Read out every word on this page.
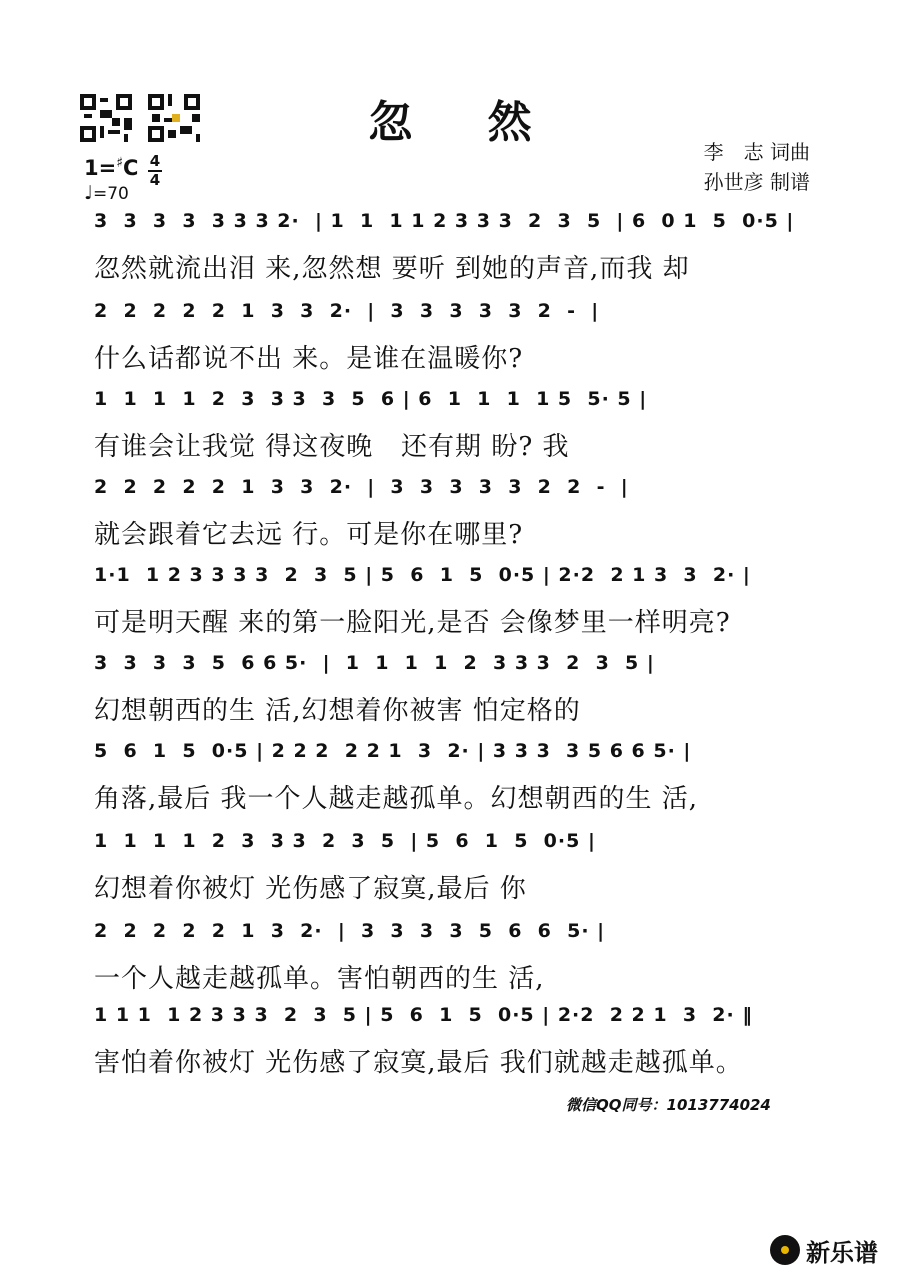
忽 然
李　志 词曲
孙世彦 制谱
1=♯C 4
4
♩=70
3  3  3  3  3 3 3 2·  | 1  1  1 1 2 3 3 3  2  3  5  | 6  0 1  5  0·5 |
忽然就流出泪 来,忽然想 要听 到她的声音,而我 却
2  2  2  2  2  1  3  3  2·  |  3  3  3  3  3  2  -  |
什么话都说不出 来。是谁在温暖你?
1  1  1  1  2  3  3 3  3  5  6 | 6  1  1  1  1 5  5· 5 |
有谁会让我觉 得这夜晚   还有期 盼? 我
2  2  2  2  2  1  3  3  2·  |  3  3  3  3  3  2  2  -  |
就会跟着它去远 行。可是你在哪里?
1·1  1 2 3 3 3 3  2  3  5 | 5  6  1  5  0·5 | 2·2  2 1 3  3  2· |
可是明天醒 来的第一脸阳光,是否 会像梦里一样明亮?
3  3  3  3  5  6 6 5·  |  1  1  1  1  2  3 3 3  2  3  5 |
幻想朝西的生 活,幻想着你被害 怕定格的
5  6  1  5  0·5 | 2 2 2  2 2 1  3  2· | 3 3 3  3 5 6 6 5· |
角落,最后 我一个人越走越孤单。幻想朝西的生 活,
1  1  1  1  2  3  3 3  2  3  5  | 5  6  1  5  0·5 |
幻想着你被灯 光伤感了寂寞,最后 你
2  2  2  2  2  1  3  2·  |  3  3  3  3  5  6  6  5· |
一个人越走越孤单。害怕朝西的生 活,
1 1 1  1 2 3 3 3  2  3  5 | 5  6  1  5  0·5 | 2·2  2 2 1  3  2· ‖
害怕着你被灯 光伤感了寂寞,最后 我们就越走越孤单。
微信QQ同号：1013774024
新乐谱
